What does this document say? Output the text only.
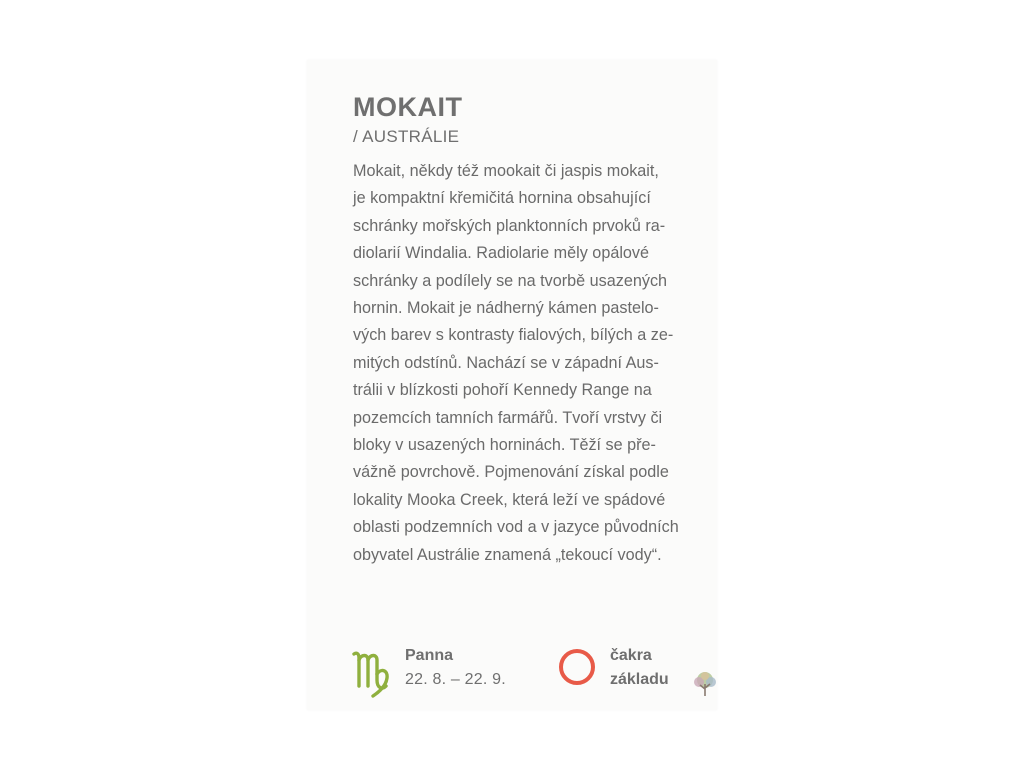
MOKAIT
/ AUSTRÁLIE
Mokait, někdy též mookait či jaspis mokait,
je kompaktní křemičitá hornina obsahující
schránky mořských planktonních prvoků ra-
diolarií Windalia. Radiolarie měly opálové
schránky a podílely se na tvorbě usazených
hornin. Mokait je nádherný kámen pastelo-
vých barev s kontrasty fialových, bílých a ze-
mitých odstínů. Nachází se v západní Aus-
trálii v blízkosti pohoří Kennedy Range na
pozemcích tamních farmářů. Tvoří vrstvy či
bloky v usazených horninách. Těží se pře-
vážně povrchově. Pojmenování získal podle
lokality Mooka Creek, která leží ve spádové
oblasti podzemních vod a v jazyce původních
obyvatel Austrálie znamená „tekoucí vody“.
Panna
22. 8. – 22. 9.
čakra
základu
